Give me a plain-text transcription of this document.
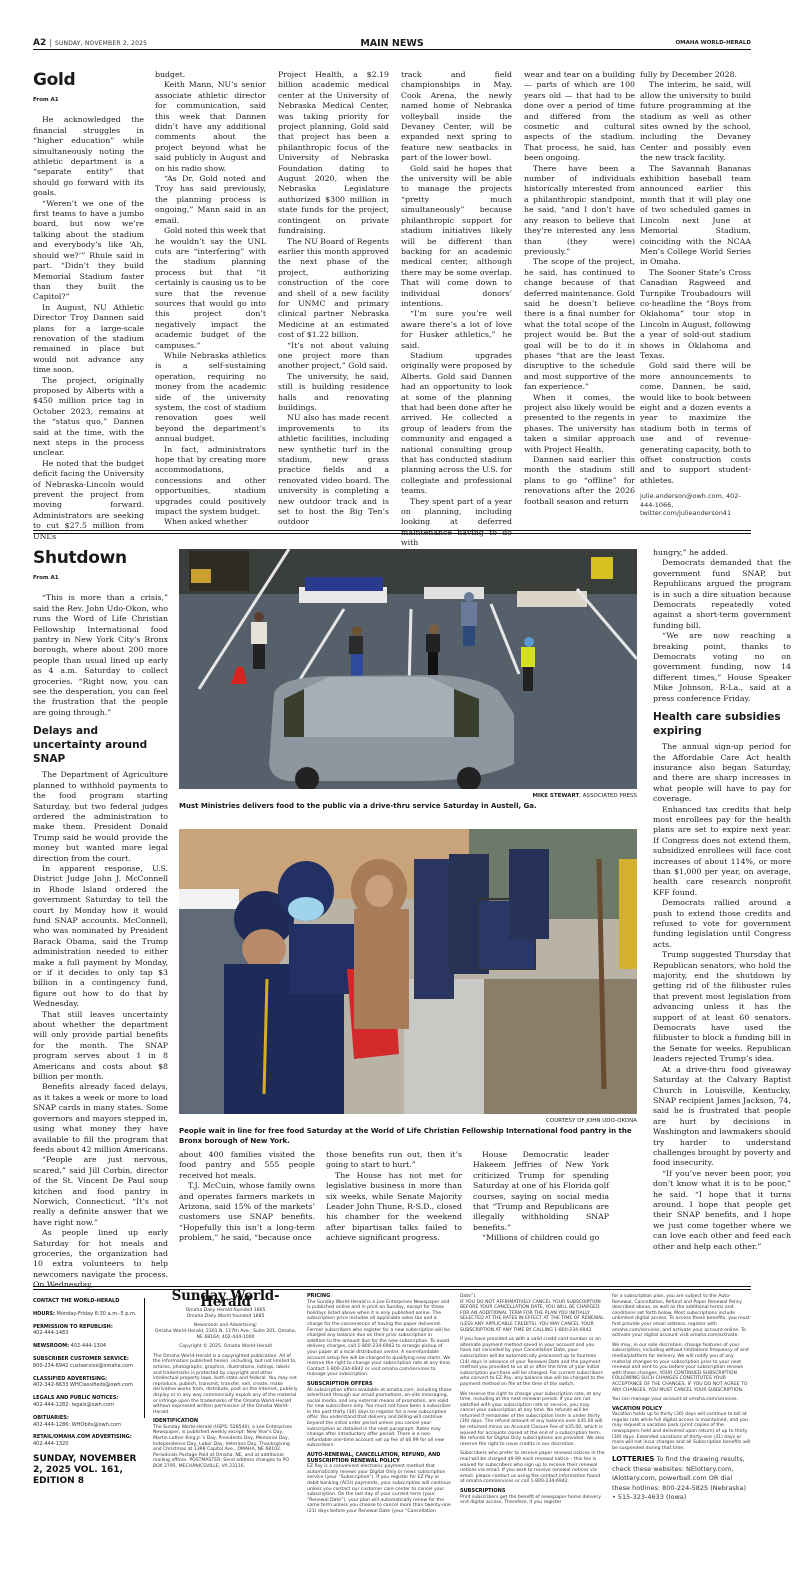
A2 | SUNDAY, NOVEMBER 2, 2025	MAIN NEWS	OMAHA WORLD-HERALD
Gold
From A1

He acknowledged the financial struggles in “higher education” while simultaneously noting the athletic department is a “separate entity” that should go forward with its goals.

“Weren’t we one of the first teams to have a jumbo board, but now we’re talking about the stadium and everybody’s like ‘Ah, should we?’” Rhule said in part. “Didn’t they build Memorial Stadium faster than they built the Capitol?”

In August, NU Athletic Director Troy Dannen said plans for a large-scale renovation of the stadium remained in place but would not advance any time soon.

The project, originally proposed by Alberts with a $450 million price tag in October 2023, remains at the “status quo,” Dannen said at the time, with the next steps in the process unclear.

He noted that the budget deficit facing the University of Nebraska-Lincoln would prevent the project from moving forward. Administrators are seeking to cut $27.5 million from UNL’s

budget.

Keith Mann, NU’s senior associate athletic director for communication, said this week that Dannen didn’t have any additional comments about the project beyond what he said publicly in August and on his radio show.

“As Dr. Gold noted and Troy has said previously, the planning process is ongoing,” Mann said in an email.

Gold noted this week that he wouldn’t say the UNL cuts are “interfering” with the stadium planning process but that “it certainly is causing us to be sure that the revenue sources that would go into this project don’t negatively impact the academic budget of the campuses.”

While Nebraska athletics is a self-sustaining operation, requiring no money from the academic side of the university system, the cost of stadium renovation goes well beyond the department’s annual budget.

In fact, administrators hope that by creating more accommodations, concessions and other opportunities, stadium upgrades could positively impact the system budget.

When asked whether

Project Health, a $2.19 billion academic medical center at the University of Nebraska Medical Center, was taking priority for project planning, Gold said that project has been a philanthropic focus of the University of Nebraska Foundation dating to August 2020, when the Nebraska Legislature authorized $300 million in state funds for the project, contingent on private fundraising.

The NU Board of Regents earlier this month approved the next phase of the project, authorizing construction of the core and shell of a new facility for UNMC and primary clinical partner Nebraska Medicine at an estimated cost of $1.22 billion.

“It’s not about valuing one project more than another project,” Gold said.

The university, he said, still is building residence halls and renovating buildings.

NU also has made recent improvements to its athletic facilities, including new synthetic turf in the stadium, new grass practice fields and a renovated video board. The university is completing a new outdoor track and is set to host the Big Ten’s outdoor

track and field championships in May. Cook Arena, the newly named home of Nebraska volleyball inside the Devaney Center, will be expanded next spring to feature new seatbacks in part of the lower bowl.

Gold said he hopes that the university will be able to manage the projects “pretty much simultaneously” because philanthropic support for stadium initiatives likely will be different than backing for an academic medical center, although there may be some overlap. That will come down to individual donors’ intentions.

“I’m sure you’re well aware there’s a lot of love for Husker athletics,” he said.

Stadium upgrades originally were proposed by Alberts. Gold said Dannen had an opportunity to look at some of the planning that had been done after he arrived. He collected a group of leaders from the community and engaged a national consulting group that has conducted stadium planning across the U.S. for collegiate and professional teams.

They spent part of a year on planning, including looking at deferred maintenance having to do with

wear and tear on a building — parts of which are 100 years old — that had to be done over a period of time and differed from the cosmetic and cultural aspects of the stadium. That process, he said, has been ongoing.

There have been a number of individuals historically interested from a philanthropic standpoint, he said, “and I don’t have any reason to believe that they’re interested any less than (they were) previously.”

The scope of the project, he said, has continued to change because of that deferred maintenance. Gold said he doesn’t believe there is a final number for what the total scope of the project would be. But the goal will be to do it in phases “that are the least disruptive to the schedule and most supportive of the fan experience.”

When it comes, the project also likely would be presented to the regents in phases. The university has taken a similar approach with Project Health.

Dannen said earlier this month the stadium still plans to go “offline” for renovations after the 2026 football season and return

fully by December 2028.

The interim, he said, will allow the university to build future programming at the stadium as well as other sites owned by the school, including the Devaney Center and possibly even the new track facility.

The Savannah Bananas exhibition baseball team announced earlier this month that it will play one of two scheduled games in Lincoln next June at Memorial Stadium, coinciding with the NCAA Men’s College World Series in Omaha.

The Sooner State’s Cross Canadian Ragweed and Turnpike Troubadours will co-headline the “Boys from Oklahoma” tour stop in Lincoln in August, following a year of sold-out stadium shows in Oklahoma and Texas.

Gold said there will be more announcements to come. Dannen, he said, would like to book between eight and a dozen events a year to maximize the stadium both in terms of use and of revenue-generating capacity, both to offset construction costs and to support student-athletes.

julie.anderson@owh.com, 402-444-1066, twitter.com/julieanderson41
Shutdown
From A1

“This is more than a crisis,” said the Rev. John Udo-Okon, who runs the Word of Life Christian Fellowship International food pantry in New York City’s Bronx borough, where about 200 more people than usual lined up early as 4 a.m. Saturday to collect groceries. “Right now, you can see the desperation, you can feel the frustration that the people are going through.”

Delays and uncertainty around SNAP

The Department of Agriculture planned to withhold payments to the food program starting Saturday, but two federal judges ordered the administration to make them. President Donald Trump said he would provide the money but wanted more legal direction from the court.

In apparent response, U.S. District Judge John J. McConnell in Rhode Island ordered the government Saturday to tell the court by Monday how it would fund SNAP accounts. McConnell, who was nominated by President Barack Obama, said the Trump administration needed to either make a full payment by Monday, or if it decides to only tap $3 billion in a contingency fund, figure out how to do that by Wednesday.

That still leaves uncertainty about whether the department will only provide partial benefits for the month. The SNAP program serves about 1 in 8 Americans and costs about $8 billion per month.

Benefits already faced delays, as it takes a week or more to load SNAP cards in many states. Some governors and mayors stepped in, using what money they have available to fill the program that feeds about 42 million Americans.

“People are just nervous, scared,” said Jill Corbin, director of the St. Vincent De Paul soup kitchen and food pantry in Norwich, Connecticut. “It’s not really a definite answer that we have right now.”

As people lined up early Saturday for hot meals and groceries, the organization had 10 extra volunteers to help newcomers navigate the process. On Wednesday,

MIKE STEWART, ASSOCIATED PRESS
Must Ministries delivers food to the public via a drive-thru service Saturday in Austell, Ga.
COURTESY OF JOHN UDO-OKONA
People wait in line for free food Saturday at the World of Life Christian Fellowship International food pantry in the Bronx borough of New York.

about 400 families visited the food pantry and 555 people received hot meals.

T.J. McCuin, whose family owns and operates farmers markets in Arizona, said 15% of the markets’ customers use SNAP benefits. “Hopefully this isn’t a long-term problem,” he said, “because once

those benefits run out, then it’s going to start to hurt.”

The House has not met for legislative business in more than six weeks, while Senate Majority Leader John Thune, R-S.D., closed his chamber for the weekend after bipartisan talks failed to achieve significant progress.

House Democratic leader Hakeem Jeffries of New York criticized Trump for spending Saturday at one of his Florida golf courses, saying on social media that “Trump and Republicans are illegally withholding SNAP benefits.”

“Millions of children could go

hungry,” he added.

Democrats demanded that the government fund SNAP, but Republicans argued the program is in such a dire situation because Democrats repeatedly voted against a short-term government funding bill.

“We are now reaching a breaking point, thanks to Democrats voting no on government funding, now 14 different times,” House Speaker Mike Johnson, R-La., said at a press conference Friday.

Health care subsidies expiring

The annual sign-up period for the Affordable Care Act health insurance also began Saturday, and there are sharp increases in what people will have to pay for coverage.

Enhanced tax credits that help most enrollees pay for the health plans are set to expire next year. If Congress does not extend them, subsidized enrollees will face cost increases of about 114%, or more than $1,000 per year, on average, health care research nonprofit KFF found.

Democrats rallied around a push to extend those credits and refused to vote for government funding legislation until Congress acts.

Trump suggested Thursday that Republican senators, who hold the majority, end the shutdown by getting rid of the filibuster rules that prevent most legislation from advancing unless it has the support of at least 60 senators. Democrats have used the filibuster to block a funding bill in the Senate for weeks. Republican leaders rejected Trump’s idea.

At a drive-thru food giveaway Saturday at the Calvary Baptist Church in Louisville, Kentucky, SNAP recipient James Jackson, 74, said he is frustrated that people are hurt by decisions in Washington and lawmakers should try harder to understand challenges brought by poverty and food insecurity.

“If you’ve never been poor, you don’t know what it is to be poor,” he said. “I hope that it turns around. I hope that people get their SNAP benefits, and I hope we just come together where we can love each other and feed each other and help each other.”

CONTACT THE WORLD-HERALD
HOURS: Monday-Friday 6:30 a.m.-5 p.m.
PERMISSION TO REPUBLISH:
402-444-1483
NEWSROOM: 402-444-1304
SUBSCRIBER CUSTOMER SERVICE: 800-234-6942 custservice@omaha.com
CLASSIFIED ADVERTISING:
402-342-6633 WHClassifieds@owh.com
LEGALS AND PUBLIC NOTICES:
402-444-1282: legals@owh.com
OBITUARIES:
402-444-1286; WHObits@owh.com
RETAIL/OMAHA.COM ADVERTISING: 402-444-1320
SUNDAY, NOVEMBER 2, 2025 VOL. 161, EDITION 8
Sunday World-Herald

Omaha Daily Herald founded 1865

Omaha Daily World founded 1885

Newsroom and Advertising:

Omaha World-Herald, 2301 N. 117th Ave., Suite 201, Omaha, NE 68164; 402-444-1000

Copyright © 2025, Omaha World-Herald

The Omaha World-Herald is a copyrighted publication. All of the information published herein, including, but not limited to, articles, photographs, graphics, illustrations, listings, labels and trademarks is protected by copyright and other intellectual property laws, both state and federal. You may not reproduce, publish, transmit, transfer, sell, create, make derivative works from, distribute, post on the Internet, publicly display or in any way commercially exploit any of the material or infringe upon the trademarks of the Omaha World-Herald without expressed written permission of the Omaha World-Herald.

IDENTIFICATION

The Sunday World-Herald (USPS: 528540), a Lee Enterprises Newspaper, is published weekly except: New Year’s Day, Martin Luther King Jr.’s Day, Presidents Day, Memorial Day, Independence Day, Labor Day, Veterans Day, Thanksgiving and Christmas at 1398 Capitol Ave., OMAHA, NE 68102. Periodicals Postage Paid at Omaha, NE, and at additional mailing offices. POSTMASTER: Send address changes to PO BOX 2795, MECHANICSVILLE, VA 23116.

PRICING

The Sunday World-Herald is a Lee Enterprises Newspaper and is published online and in print on Sunday, except for those holidays listed above when it is only published online. The subscription price includes all applicable sales tax and a charge for the convenience of having the paper delivered. Former subscribers who register for a new subscription will be charged any balance due on their prior subscription in addition to the amount due for the new subscription. To avoid delivery charges, call 1-800-234-6942 to arrange pickup of your paper at a local distribution center. A nonrefundable account setup fee will be charged to qualifying new starts. We reserve the right to change your subscription rate at any time. Contact 1-800-234-6942 or visit omaha.com/services to manage your subscription.

SUBSCRIPTION OFFERS

All subscription offers available at omaha.com, including those advertised through our email promotions, on-site messaging, social media, and any external means of promotion, are valid for new subscribers only. You must not have been a subscriber in the past thirty (30) days to register for a new subscription offer. You understand that delivery and billing will continue beyond the initial order period unless you cancel your subscription as detailed in the next paragraph. Rates may change after introductory offer period. There is a non-refundable one-time account set up fee of $6.99 for all new subscribers.

AUTO-RENEWAL, CANCELLATION, REFUND, AND SUBSCRIPTION RENEWAL POLICY

EZ Pay is a convenient electronic payment method that automatically renews your Digital Only or news subscription service (your “Subscription”). If you register for EZ Pay or debit banking (ACH) payments, your subscription will continue unless you contact our customer care center to cancel your subscription. On the last day of your current term (your “Renewal Date”), your plan will automatically renew for the same term unless you choose to cancel more than twenty-one (21) days before your Renewal Date (your “Cancellation

Date”).

IF YOU DO NOT AFFIRMATIVELY CANCEL YOUR SUBSCRIPTION BEFORE YOUR CANCELLATION DATE, YOU WILL BE CHARGED FOR AN ADDITIONAL TERM FOR THE PLAN YOU INITIALLY SELECTED AT THE RATES IN EFFECT AT THE TIME OF RENEWAL (LESS ANY APPLICABLE CREDITS). YOU MAY CANCEL YOUR SUBSCRIPTION AT ANY TIME BY CALLING 1-800-234-6942.

If you have provided us with a valid credit card number or an alternate payment method saved in your account and you have not cancelled by your Cancellation Date, your subscription will be automatically processed up to fourteen (14) days in advance of your Renewal Date and the payment method you provided to us at or after the time of your initial subscription purchase will be charged. For current subscribers who convert to EZ Pay, any balance due will be charged to the payment method on file at the time of the switch.

We reserve the right to change your subscription rate, at any time, including at the next renewal period. If you are not satisfied with your subscription rate or service, you may cancel your subscription at any time. No refunds will be returned if remainder of the subscription term is under thirty (30) days. The refund amount of any balance over $35.00 will be returned minus an Account Closure Fee of $35.00, which is waived for accounts closed at the end of a subscription term. No refunds for Digital Only subscriptions are provided. We also reserve the right to issue credits in our discretion.

Subscribers who prefer to receive paper renewal notices in the mail will be charged $9.99 each renewal notice – this fee is waived for subscribers who sign up to receive their renewal notices via email. If you wish to receive renewal notices via email, please contact us using the contact information found at omaha.com/services or call 1-800-234-6942.

SUBSCRIPTIONS

Print subscribers get the benefit of newspaper home delivery and digital access. Therefore, if you register

for a subscription plan, you are subject to the Auto-Renewal, Cancellation, Refund and Paper Renewal Policy described above, as well as the additional terms and conditions set forth below. Most subscriptions include unlimited digital access. To access these benefits, you must first provide your email address, register with omaha.com/services, and activate your account online. To activate your digital account visit omaha.com/activate.

We may, in our sole discretion, change features of your subscription, including without limitations frequency of and media/platform for delivery. We will notify you of any material changes to your subscription prior to your next renewal and sent to you before your subscription renews with those changes. YOUR CONTINUED SUBSCRIPTION FOLLOWING SUCH CHANGES CONSTITUTES YOUR ACCEPTANCE OF THE CHANGES. IF YOU DO NOT AGREE TO ANY CHANGES, YOU MUST CANCEL YOUR SUBSCRIPTION.

You can manage your account at omaha.com/services.

VACATION POLICY

Vacation holds up to thirty (30) days will continue to bill at regular rate while full digital access is maintained, and you may request a vacation pack (print copies of the newspapers held and delivered upon return) of up to thirty (30) days. Extended vacations of thirty-one (31) days or more will not incur charges and all Subscription benefits will be suspended during that time.

LOTTERIES To find the drawing results, check these websites: NElottery.com, IAlottery.com, powerball.com OR dial these hotlines: 800-224-5825 (Nebraska) • 515-323-4633 (Iowa)
